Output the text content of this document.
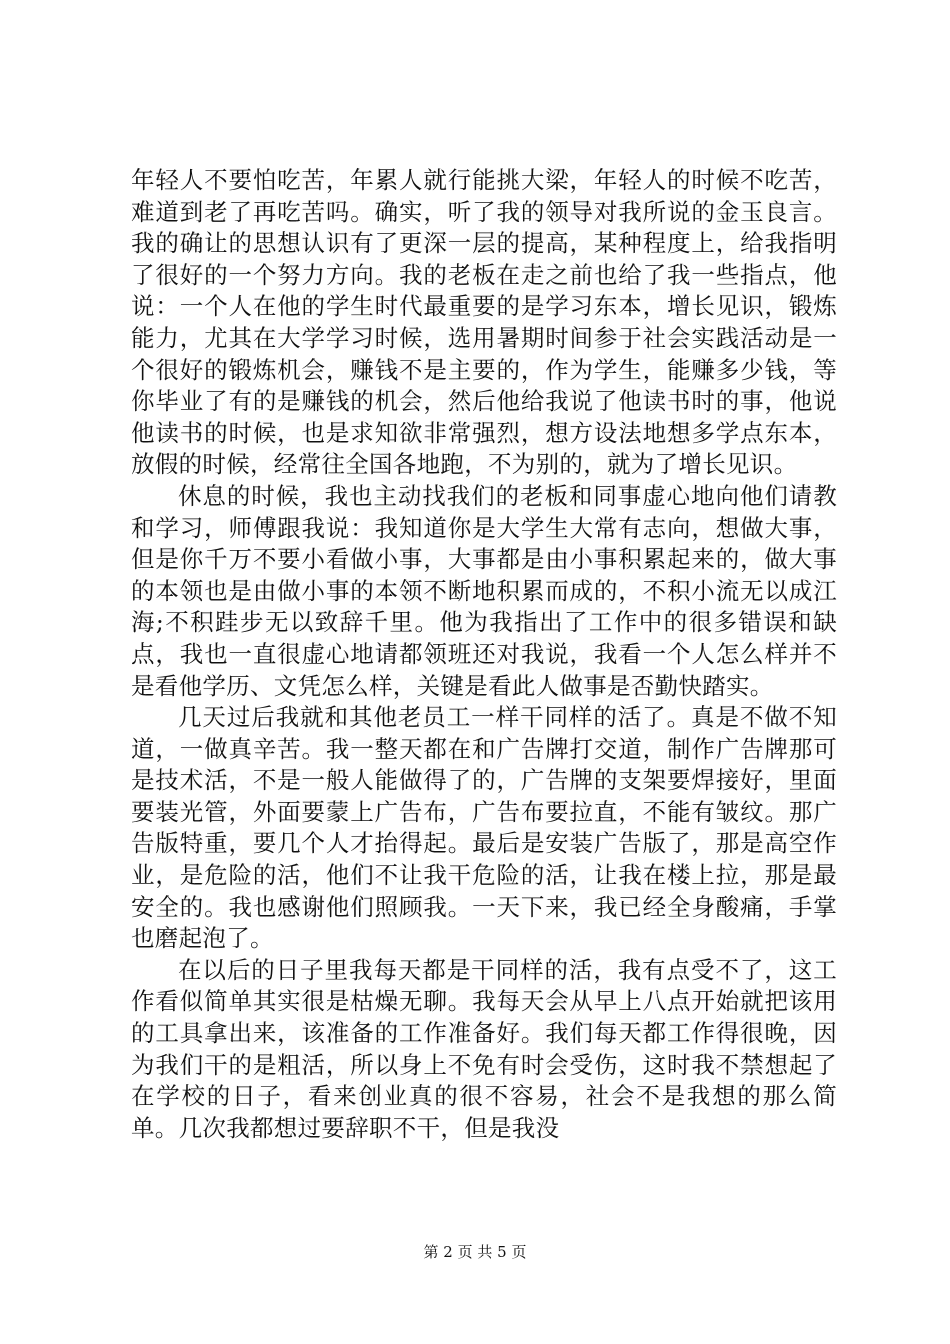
年轻人不要怕吃苦，年累人就行能挑大梁，年轻人的时候不吃苦，难道到老了再吃苦吗。确实，听了我的领导对我所说的金玉良言。我的确让的思想认识有了更深一层的提高，某种程度上，给我指明了很好的一个努力方向。我的老板在走之前也给了我一些指点，他说：一个人在他的学生时代最重要的是学习东本，增长见识，锻炼能力，尤其在大学学习时候，选用暑期时间参于社会实践活动是一个很好的锻炼机会，赚钱不是主要的，作为学生，能赚多少钱，等你毕业了有的是赚钱的机会，然后他给我说了他读书时的事，他说他读书的时候，也是求知欲非常强烈，想方设法地想多学点东本，放假的时候，经常往全国各地跑，不为别的，就为了增长见识。

休息的时候，我也主动找我们的老板和同事虚心地向他们请教和学习，师傅跟我说：我知道你是大学生大常有志向，想做大事，但是你千万不要小看做小事，大事都是由小事积累起来的，做大事的本领也是由做小事的本领不断地积累而成的，不积小流无以成江海;不积跬步无以致辞千里。他为我指出了工作中的很多错误和缺点，我也一直很虚心地请都领班还对我说，我看一个人怎么样并不是看他学历、文凭怎么样，关键是看此人做事是否勤快踏实。

几天过后我就和其他老员工一样干同样的活了。真是不做不知道，一做真辛苦。我一整天都在和广告牌打交道，制作广告牌那可是技术活，不是一般人能做得了的，广告牌的支架要焊接好，里面要装光管，外面要蒙上广告布，广告布要拉直，不能有皱纹。那广告版特重，要几个人才抬得起。最后是安装广告版了，那是高空作业，是危险的活，他们不让我干危险的活，让我在楼上拉，那是最安全的。我也感谢他们照顾我。一天下来，我已经全身酸痛，手掌也磨起泡了。

在以后的日子里我每天都是干同样的活，我有点受不了，这工作看似简单其实很是枯燥无聊。我每天会从早上八点开始就把该用的工具拿出来，该准备的工作准备好。我们每天都工作得很晚，因为我们干的是粗活，所以身上不免有时会受伤，这时我不禁想起了在学校的日子，看来创业真的很不容易，社会不是我想的那么简单。几次我都想过要辞职不干，但是我没

第 2 页 共 5 页
